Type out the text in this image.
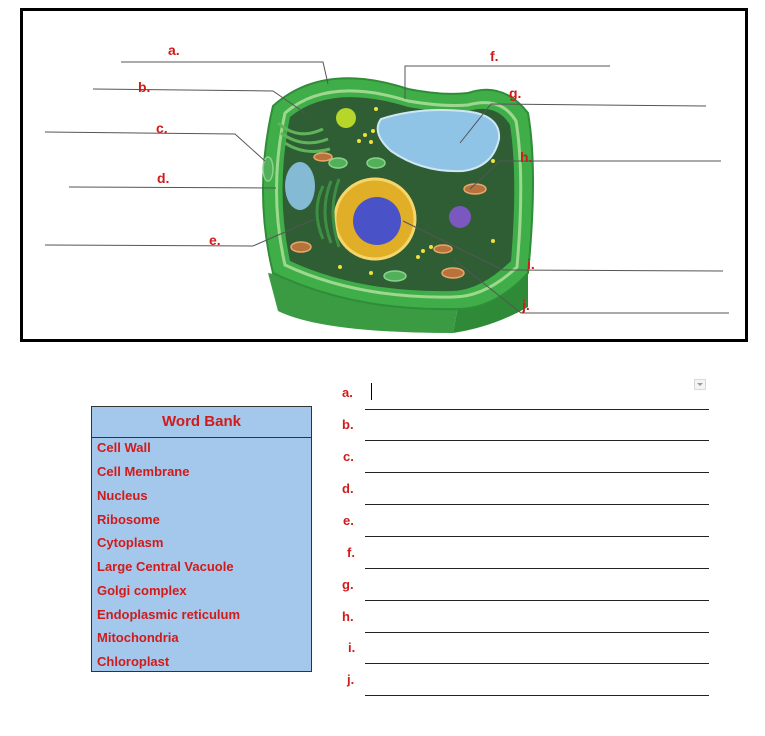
a.
b.
c.
d.
e.
f.
g.
h.
i.
j.
Word Bank
Cell Wall
Cell Membrane
Nucleus
Ribosome
Cytoplasm
Large Central Vacuole
Golgi complex
Endoplasmic reticulum
Mitochondria
Chloroplast
a.
b.
c.
d.
e.
f.
g.
h.
i.
j.
